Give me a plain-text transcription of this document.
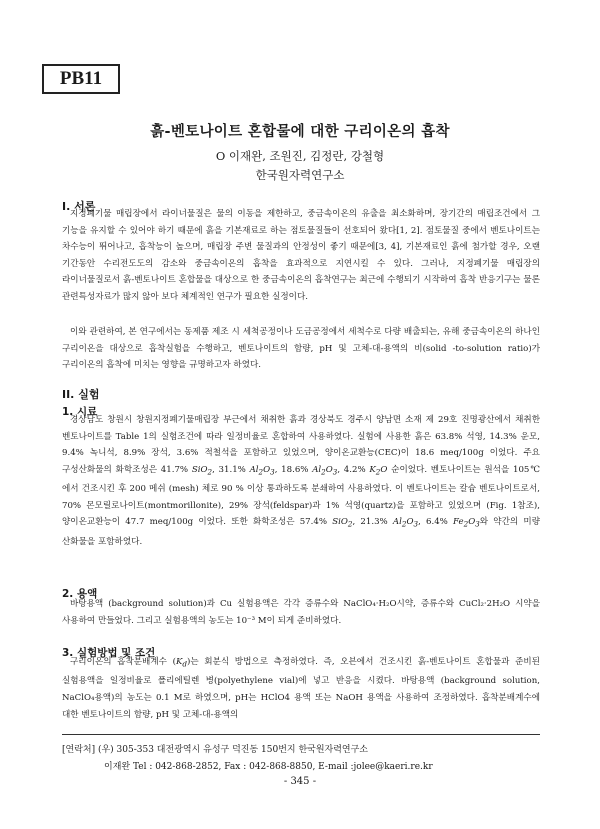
PB11
흙-벤토나이트 혼합물에 대한 구리이온의 흡착
O 이재완, 조원진, 김정란, 강철형
한국원자력연구소
I. 서론

지정폐기물 매립장에서 라이너물질은 물의 이동을 제한하고, 중금속이온의 유출을 최소화하며, 장기간의 매립조건에서 그 기능을 유지할 수 있어야 하기 때문에 흙을 기본재료로 하는 점토물질들이 선호되어 왔다[1, 2]. 점토물질 중에서 벤토나이트는 차수능이 뛰어나고, 흡착능이 높으며, 매립장 주변 물질과의 안정성이 좋기 때문에[3, 4], 기본재료인 흙에 첨가할 경우, 오랜 기간동안 수리전도도의 감소와 중금속이온의 흡착을 효과적으로 지연시킬 수 있다. 그러나, 지정폐기물 매립장의 라이너물질로서 흙-벤토나이트 혼합물을 대상으로 한 중금속이온의 흡착연구는 최근에 수행되기 시작하여 흡착 반응기구는 물론 관련특성자료가 많지 않아 보다 체계적인 연구가 필요한 실정이다.

이와 관련하여, 본 연구에서는 동제품 제조 시 세척공정이나 도금공정에서 세척수로 다량 배출되는, 유해 중금속이온의 하나인 구리이온을 대상으로 흡착실험을 수행하고, 벤토나이트의 함량, pH 및 고체-대-용액의 비(solid -to-solution ratio)가 구리이온의 흡착에 미치는 영향을 규명하고자 하였다.

II. 실험
1. 시료

경상남도 창원시 창원지정폐기물매립장 부근에서 채취한 흙과 경상북도 경주시 양남면 소재 제 29호 진명광산에서 채취한 벤토나이트를 Table 1의 실험조건에 따라 일정비율로 혼합하여 사용하였다. 실험에 사용한 흙은 63.8% 석영, 14.3% 운모, 9.4% 녹니석, 8.9% 장석, 3.6% 적철석을 포함하고 있었으며, 양이온교환능(CEC)이 18.6 meq/100g 이었다. 주요 구성산화물의 화학조성은 41.7% SiO$_2$, 31.1% $Al_2O_3$, 18.6% $Al_2O_3$, 4.2% $K_2O$ 순이었다. 벤토나이트는 원석을 105℃에서 건조시킨 후 200 메쉬 (mesh) 체로 90 % 이상 통과하도록 분쇄하여 사용하였다. 이 벤토나이트는 칼슘 벤토나이트로서, 70% 몬모릴로나이트(montmorillonite), 29% 장석(feldspar)과 1% 석영(quartz)을 포함하고 있었으며 (Fig. 1참조), 양이온교환능이 47.7 meq/100g 이었다. 또한 화학조성은 57.4% SiO$_2$, 21.3% $Al_2O_3$, 6.4% $Fe_2O_3$와 약간의 미량 산화물을 포함하였다.

2. 용액

바탕용액 (background solution)과 Cu 실험용액은 각각 증류수와 NaClO₄·H₂O시약, 증류수와 CuCl₂·2H₂O 시약을 사용하여 만들었다. 그리고 실험용액의 농도는 10⁻³ M이 되게 준비하였다.

3. 실험방법 및 조건

구리이온의 흡착분배계수 $(K_d)$는 회분식 방법으로 측정하였다. 즉, 오븐에서 건조시킨 흙-벤토나이트 혼합물과 준비된 실험용액을 일정비율로 폴리에틸렌 병(polyethylene vial)에 넣고 반응을 시켰다. 바탕용액 (background solution, NaClO₄용액)의 농도는 0.1 M로 하였으며, pH는 HClO4 용액 또는 NaOH 용액을 사용하여 조정하였다. 흡착분배계수에 대한 벤토나이트의 함량, pH 및 고체-대-용액의

[연락처] (우) 305-353 대전광역시 유성구 덕진동 150번지 한국원자력연구소
이재완 Tel : 042-868-2852, Fax : 042-868-8850, E-mail :jolee@kaeri.re.kr
- 345 -
